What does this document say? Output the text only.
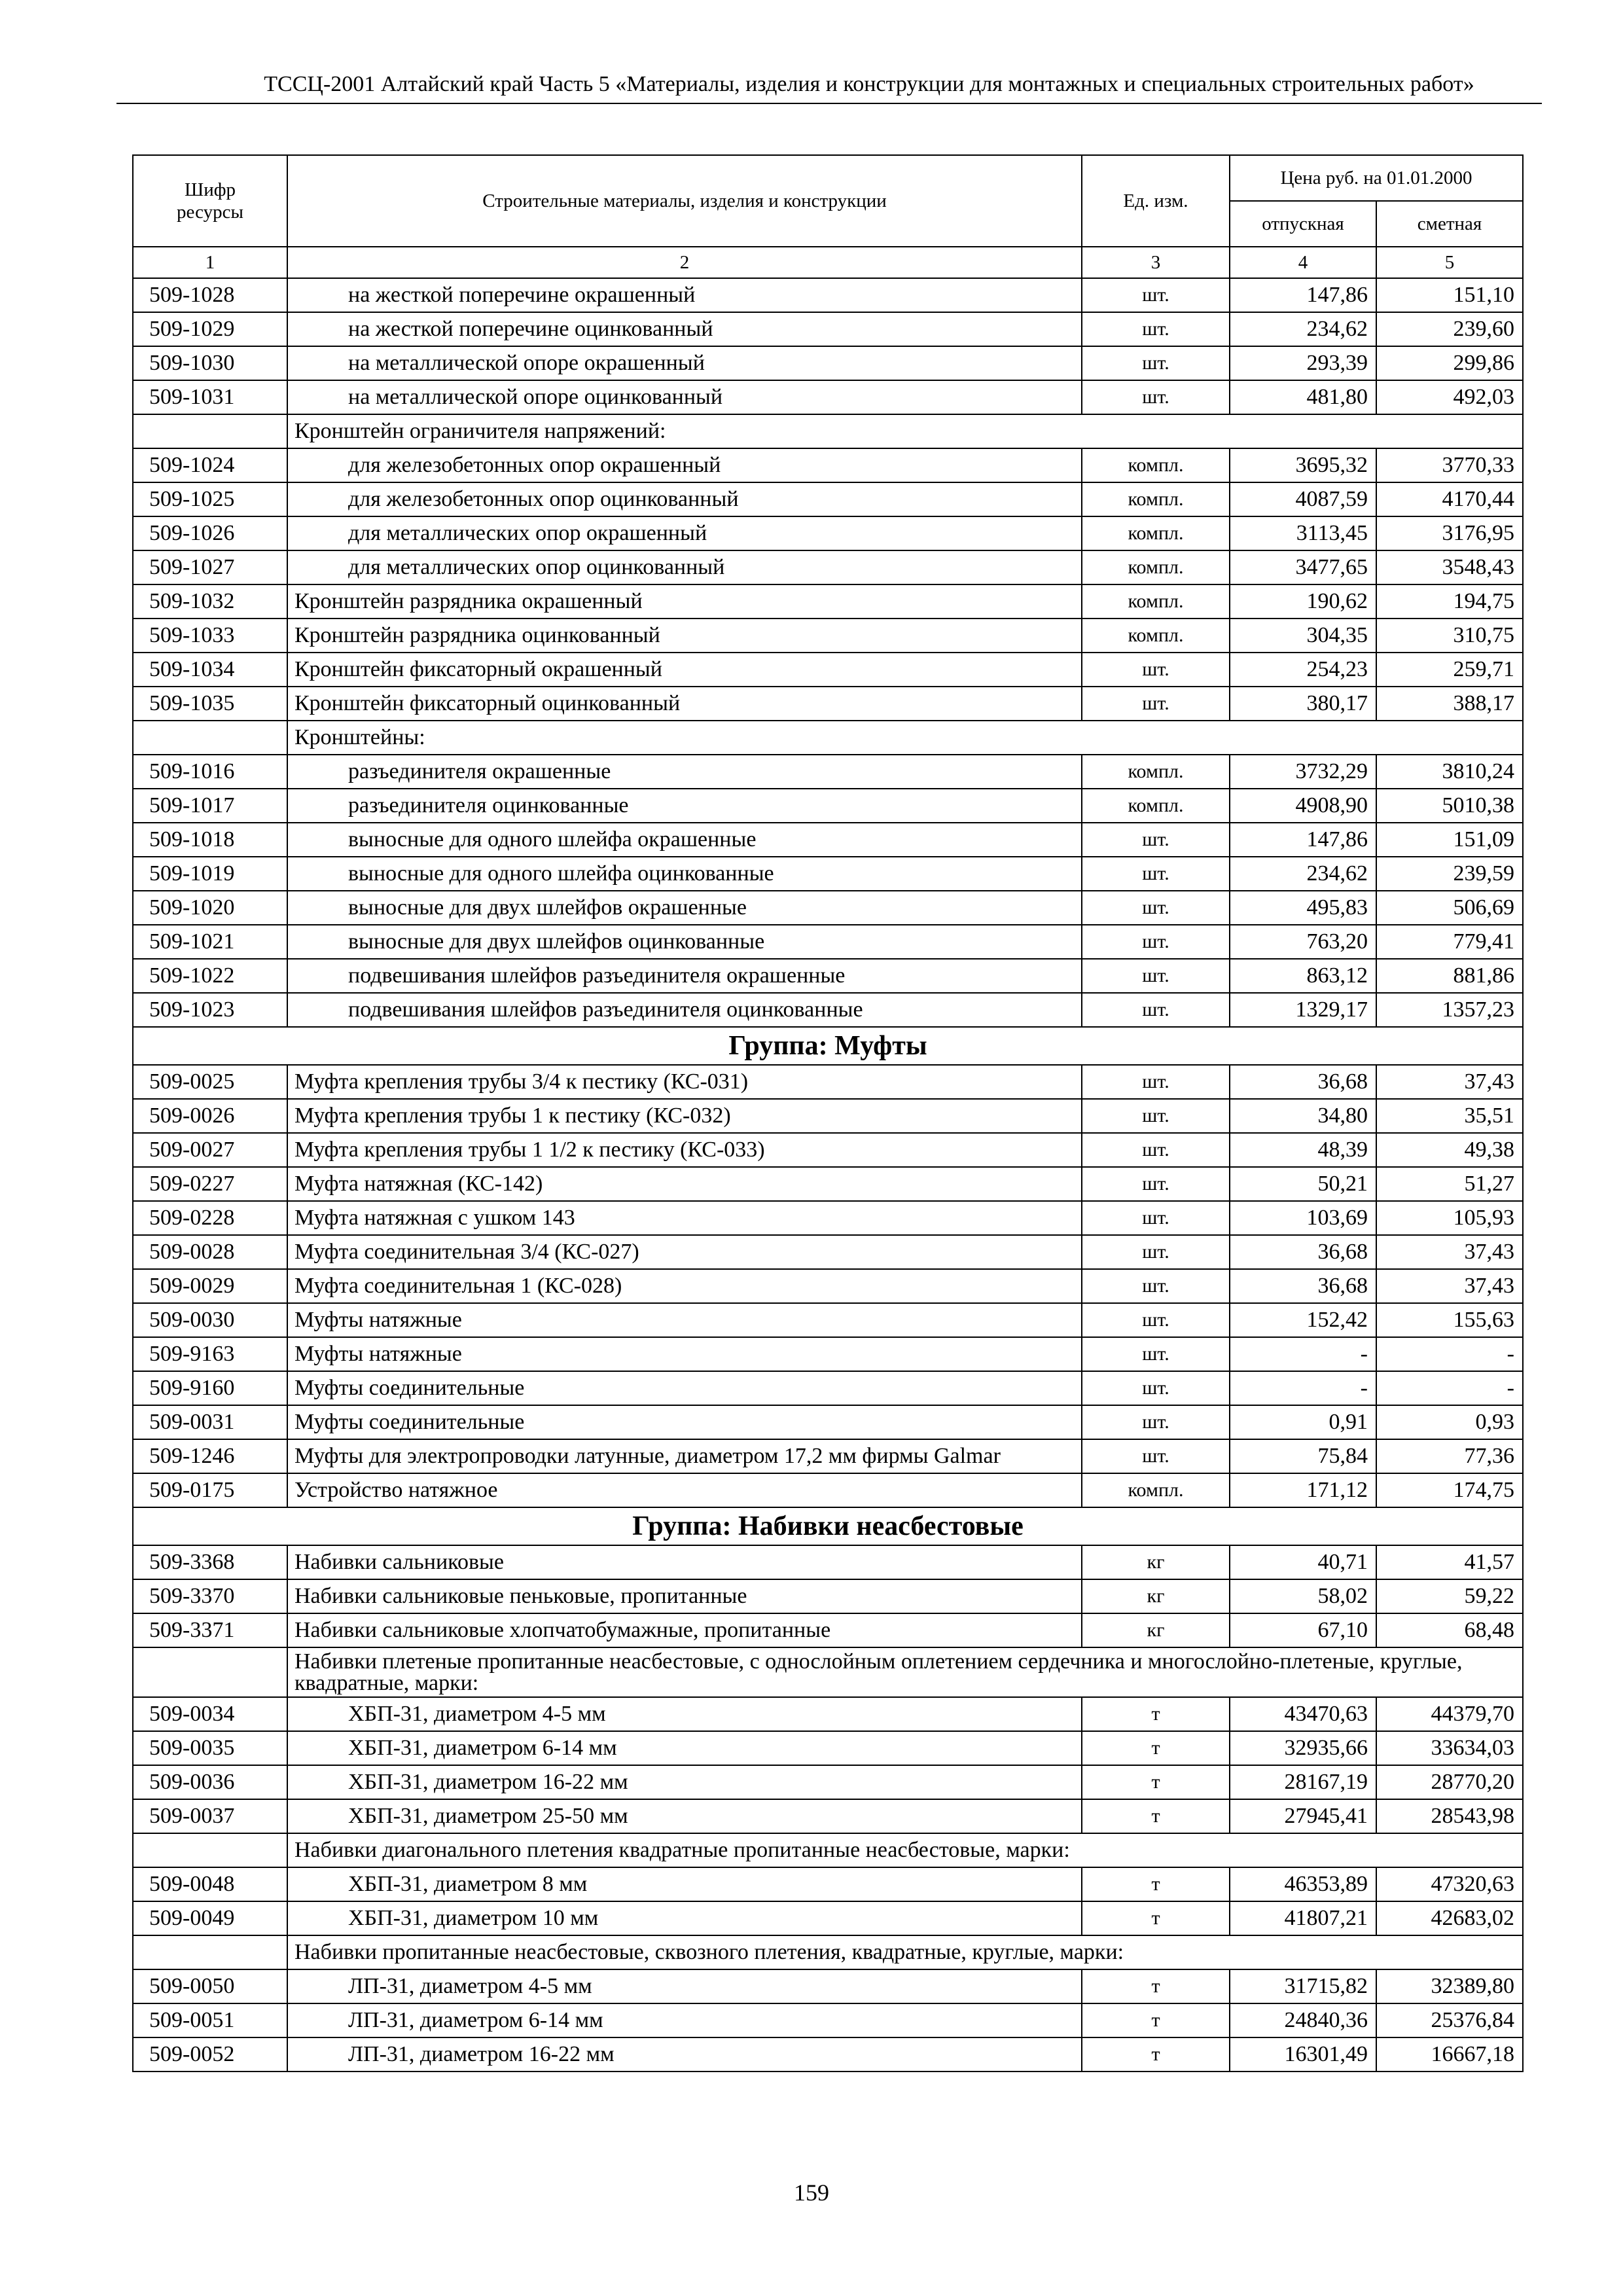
ТССЦ-2001 Алтайский край Часть 5 «Материалы, изделия и конструкции для монтажных и специальных строительных работ»
Шифр ресурсы	Строительные материалы, изделия и конструкции	Ед. изм.	Цена руб. на 01.01.2000	
			отпускная	сметная
1	2	3	4	5
509-1028	на жесткой поперечине окрашенный	шт.	147,86	151,10
509-1029	на жесткой поперечине оцинкованный	шт.	234,62	239,60
509-1030	на металлической опоре окрашенный	шт.	293,39	299,86
509-1031	на металлической опоре оцинкованный	шт.	481,80	492,03
	Кронштейн ограничителя напряжений:			
509-1024	для железобетонных опор окрашенный	компл.	3695,32	3770,33
509-1025	для железобетонных опор оцинкованный	компл.	4087,59	4170,44
509-1026	для металлических опор окрашенный	компл.	3113,45	3176,95
509-1027	для металлических опор оцинкованный	компл.	3477,65	3548,43
509-1032	Кронштейн разрядника окрашенный	компл.	190,62	194,75
509-1033	Кронштейн разрядника оцинкованный	компл.	304,35	310,75
509-1034	Кронштейн фиксаторный окрашенный	шт.	254,23	259,71
509-1035	Кронштейн фиксаторный оцинкованный	шт.	380,17	388,17
	Кронштейны:			
509-1016	разъединителя окрашенные	компл.	3732,29	3810,24
509-1017	разъединителя оцинкованные	компл.	4908,90	5010,38
509-1018	выносные для одного шлейфа окрашенные	шт.	147,86	151,09
509-1019	выносные для одного шлейфа оцинкованные	шт.	234,62	239,59
509-1020	выносные для двух шлейфов окрашенные	шт.	495,83	506,69
509-1021	выносные для двух шлейфов оцинкованные	шт.	763,20	779,41
509-1022	подвешивания шлейфов разъединителя окрашенные	шт.	863,12	881,86
509-1023	подвешивания шлейфов разъединителя оцинкованные	шт.	1329,17	1357,23
Группа: Муфты				
509-0025	Муфта крепления трубы 3/4 к пестику (КС-031)	шт.	36,68	37,43
509-0026	Муфта крепления трубы 1 к пестику (КС-032)	шт.	34,80	35,51
509-0027	Муфта крепления трубы 1 1/2 к пестику (КС-033)	шт.	48,39	49,38
509-0227	Муфта натяжная (КС-142)	шт.	50,21	51,27
509-0228	Муфта натяжная с ушком 143	шт.	103,69	105,93
509-0028	Муфта соединительная 3/4 (КС-027)	шт.	36,68	37,43
509-0029	Муфта соединительная 1 (КС-028)	шт.	36,68	37,43
509-0030	Муфты натяжные	шт.	152,42	155,63
509-9163	Муфты натяжные	шт.	-	-
509-9160	Муфты соединительные	шт.	-	-
509-0031	Муфты соединительные	шт.	0,91	0,93
509-1246	Муфты для электропроводки латунные, диаметром 17,2 мм фирмы Galmar	шт.	75,84	77,36
509-0175	Устройство натяжное	компл.	171,12	174,75
Группа: Набивки неасбестовые				
509-3368	Набивки сальниковые	кг	40,71	41,57
509-3370	Набивки сальниковые пеньковые, пропитанные	кг	58,02	59,22
509-3371	Набивки сальниковые хлопчатобумажные, пропитанные	кг	67,10	68,48
	Набивки плетеные пропитанные неасбестовые, с однослойным оплетением сердечника и многослойно-плетеные, круглые, квадратные, марки:			
509-0034	ХБП-31, диаметром 4-5 мм	т	43470,63	44379,70
509-0035	ХБП-31, диаметром 6-14 мм	т	32935,66	33634,03
509-0036	ХБП-31, диаметром 16-22 мм	т	28167,19	28770,20
509-0037	ХБП-31, диаметром 25-50 мм	т	27945,41	28543,98
	Набивки диагонального плетения квадратные пропитанные неасбестовые, марки:			
509-0048	ХБП-31, диаметром 8 мм	т	46353,89	47320,63
509-0049	ХБП-31, диаметром 10 мм	т	41807,21	42683,02
	Набивки пропитанные неасбестовые, сквозного плетения, квадратные, круглые, марки:			
509-0050	ЛП-31, диаметром 4-5 мм	т	31715,82	32389,80
509-0051	ЛП-31, диаметром 6-14 мм	т	24840,36	25376,84
509-0052	ЛП-31, диаметром 16-22 мм	т	16301,49	16667,18
159
